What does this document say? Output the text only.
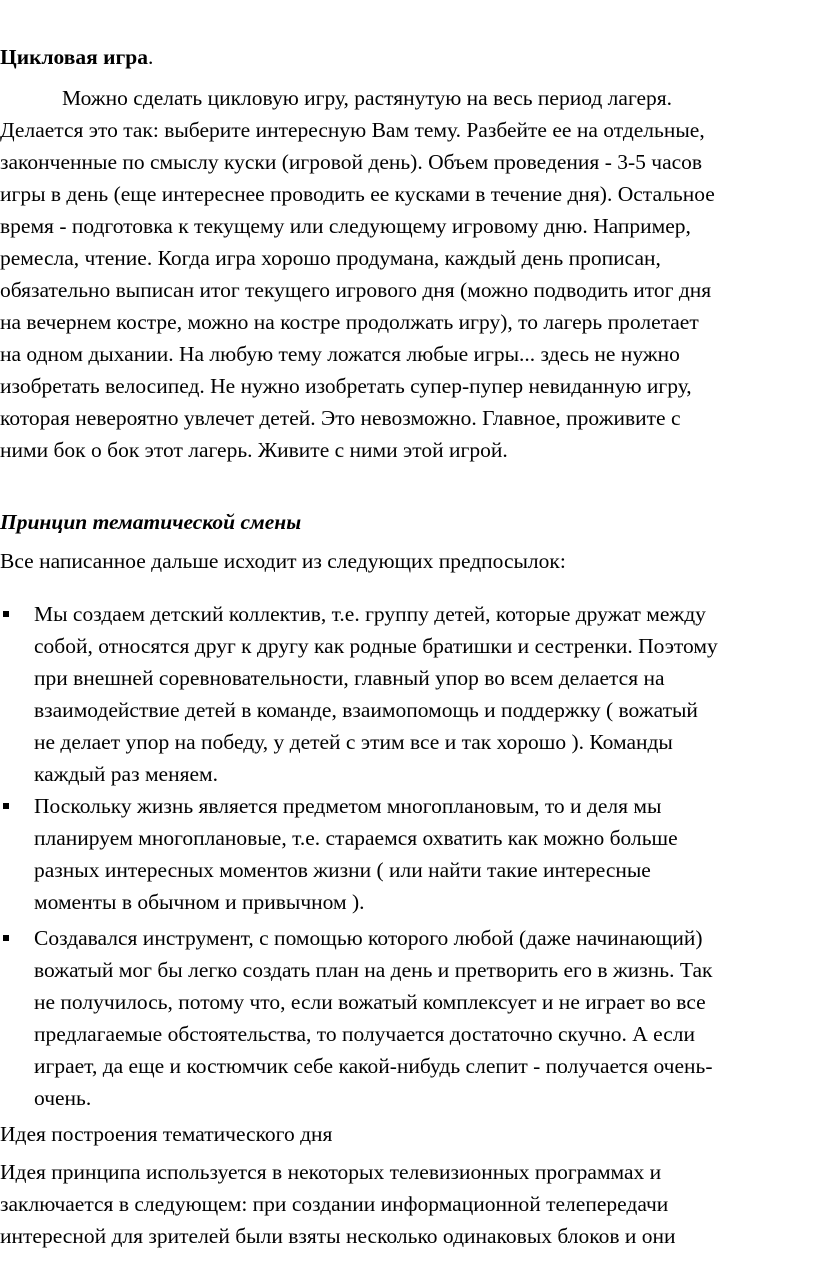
Цикловая игра.
Можно сделать цикловую игру, растянутую на весь период лагеря.
Делается это так: выберите интересную Вам тему. Разбейте ее на отдельные,
законченные по смыслу куски (игровой день). Объем проведения - 3-5 часов
игры в день (еще интереснее проводить ее кусками в течение дня). Остальное
время - подготовка к текущему или следующему игровому дню. Например,
ремесла, чтение. Когда игра хорошо продумана, каждый день прописан,
обязательно выписан итог текущего игрового дня (можно подводить итог дня
на вечернем костре, можно на костре продолжать игру), то лагерь пролетает
на одном дыхании. На любую тему ложатся любые игры... здесь не нужно
изобретать велосипед. Не нужно изобретать супер-пупер невиданную игру,
которая невероятно увлечет детей. Это невозможно. Главное, проживите с
ними бок о бок этот лагерь. Живите с ними этой игрой.
Принцип тематической смены
Все написанное дальше исходит из следующих предпосылок:
Мы создаем детский коллектив, т.е. группу детей, которые дружат между
собой, относятся друг к другу как родные братишки и сестренки. Поэтому
при внешней соревновательности, главный упор во всем делается на
взаимодействие детей в команде, взаимопомощь и поддержку ( вожатый
не делает упор на победу, у детей с этим все и так хорошо ). Команды
каждый раз меняем.
Поскольку жизнь является предметом многоплановым, то и деля мы
планируем многоплановые, т.е. стараемся охватить как можно больше
разных интересных моментов жизни ( или найти такие интересные
моменты в обычном и привычном ).
Создавался инструмент, с помощью которого любой (даже начинающий)
вожатый мог бы легко создать план на день и претворить его в жизнь. Так
не получилось, потому что, если вожатый комплексует и не играет во все
предлагаемые обстоятельства, то получается достаточно скучно. А если
играет, да еще и костюмчик себе какой-нибудь слепит - получается очень-
очень.
Идея построения тематического дня
Идея принципа используется в некоторых телевизионных программах и
заключается в следующем: при создании информационной телепередачи
интересной для зрителей были взяты несколько одинаковых блоков и они
